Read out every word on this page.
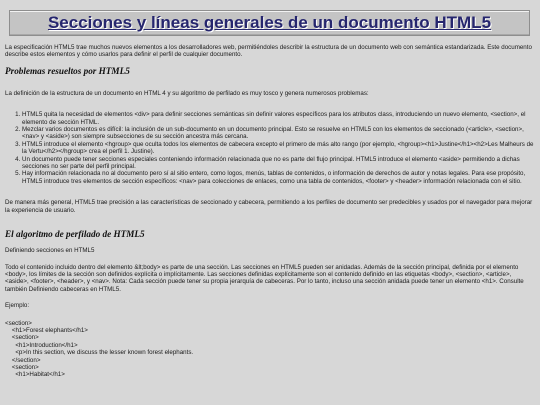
Secciones y líneas generales de un documento HTML5

La especificación HTML5 trae muchos nuevos elementos a los desarrolladores web, permitiéndoles describir la estructura de un documento web con semántica estandarizada. Este documento describe estos elementos y cómo usarlos para definir el perfil de cualquier documento.

Problemas resueltos por HTML5

La definición de la estructura de un documento en HTML 4 y su algoritmo de perfilado es muy tosco y genera numerosos problemas:

1. HTML5 quita la necesidad de elementos <div> para definir secciones semánticas sin definir valores específicos para los atributos class, introduciendo un nuevo elemento, <section>, el elemento de sección HTML.
2. Mezclar varios documentos es difícil: la inclusión de un sub-documento en un documento principal. Esto se resuelve en HTML5 con los elementos de seccionado (<article>, <section>, <nav> y <aside>) son siempre subsecciones de su sección ancestra más cercana.
3. HTML5 introduce el elemento <hgroup> que oculta todos los elementos de cabecera excepto el primero de más alto rango (por ejemplo, <hgroup><h1>Justine</h1><h2>Les Malheurs de la Vertu</h2></hgroup> crea el perfil 1. Justine).
4. Un documento puede tener secciones especiales conteniendo información relacionada que no es parte del flujo principal. HTML5 introduce el elemento <aside> permitiendo a dichas secciones no ser parte del perfil principal.
5. Hay información relacionada no al documento pero sí al sitio entero, como logos, menús, tablas de contenidos, o información de derechos de autor y notas legales. Para ese propósito, HTML5 introduce tres elementos de sección específicos: <nav> para colecciones de enlaces, como una tabla de contenidos, <footer> y <header> información relacionada con el sitio.

De manera más general, HTML5 trae precisión a las características de seccionado y cabecera, permitiendo a los perfiles de documento ser predecibles y usados por el navegador para mejorar la experiencia de usuario.

El algoritmo de perfilado de HTML5

Definiendo secciones en HTML5

Todo el contenido incluido dentro del elemento &lt;body> es parte de una sección. Las secciones en HTML5 pueden ser anidadas. Además de la sección principal, definida por el elemento <body>, los límites de la sección son definidos explícita o implícitamente. Las secciones definidas explícitamente son el contenido definido en las etiquetas <body>, <section>, <article>, <aside>, <footer>, <header>, y <nav>. Nota: Cada sección puede tener su propia jerarquía de cabeceras. Por lo tanto, incluso una sección anidada puede tener un elemento <h1>. Consulte también Definiendo cabeceras en HTML5.

Ejemplo:

<section>
<h1>Forest elephants</h1>
<section>
<h1>Introduction</h1>
<p>In this section, we discuss the lesser known forest elephants.
</section>
<section>
<h1>Habitat</h1>
